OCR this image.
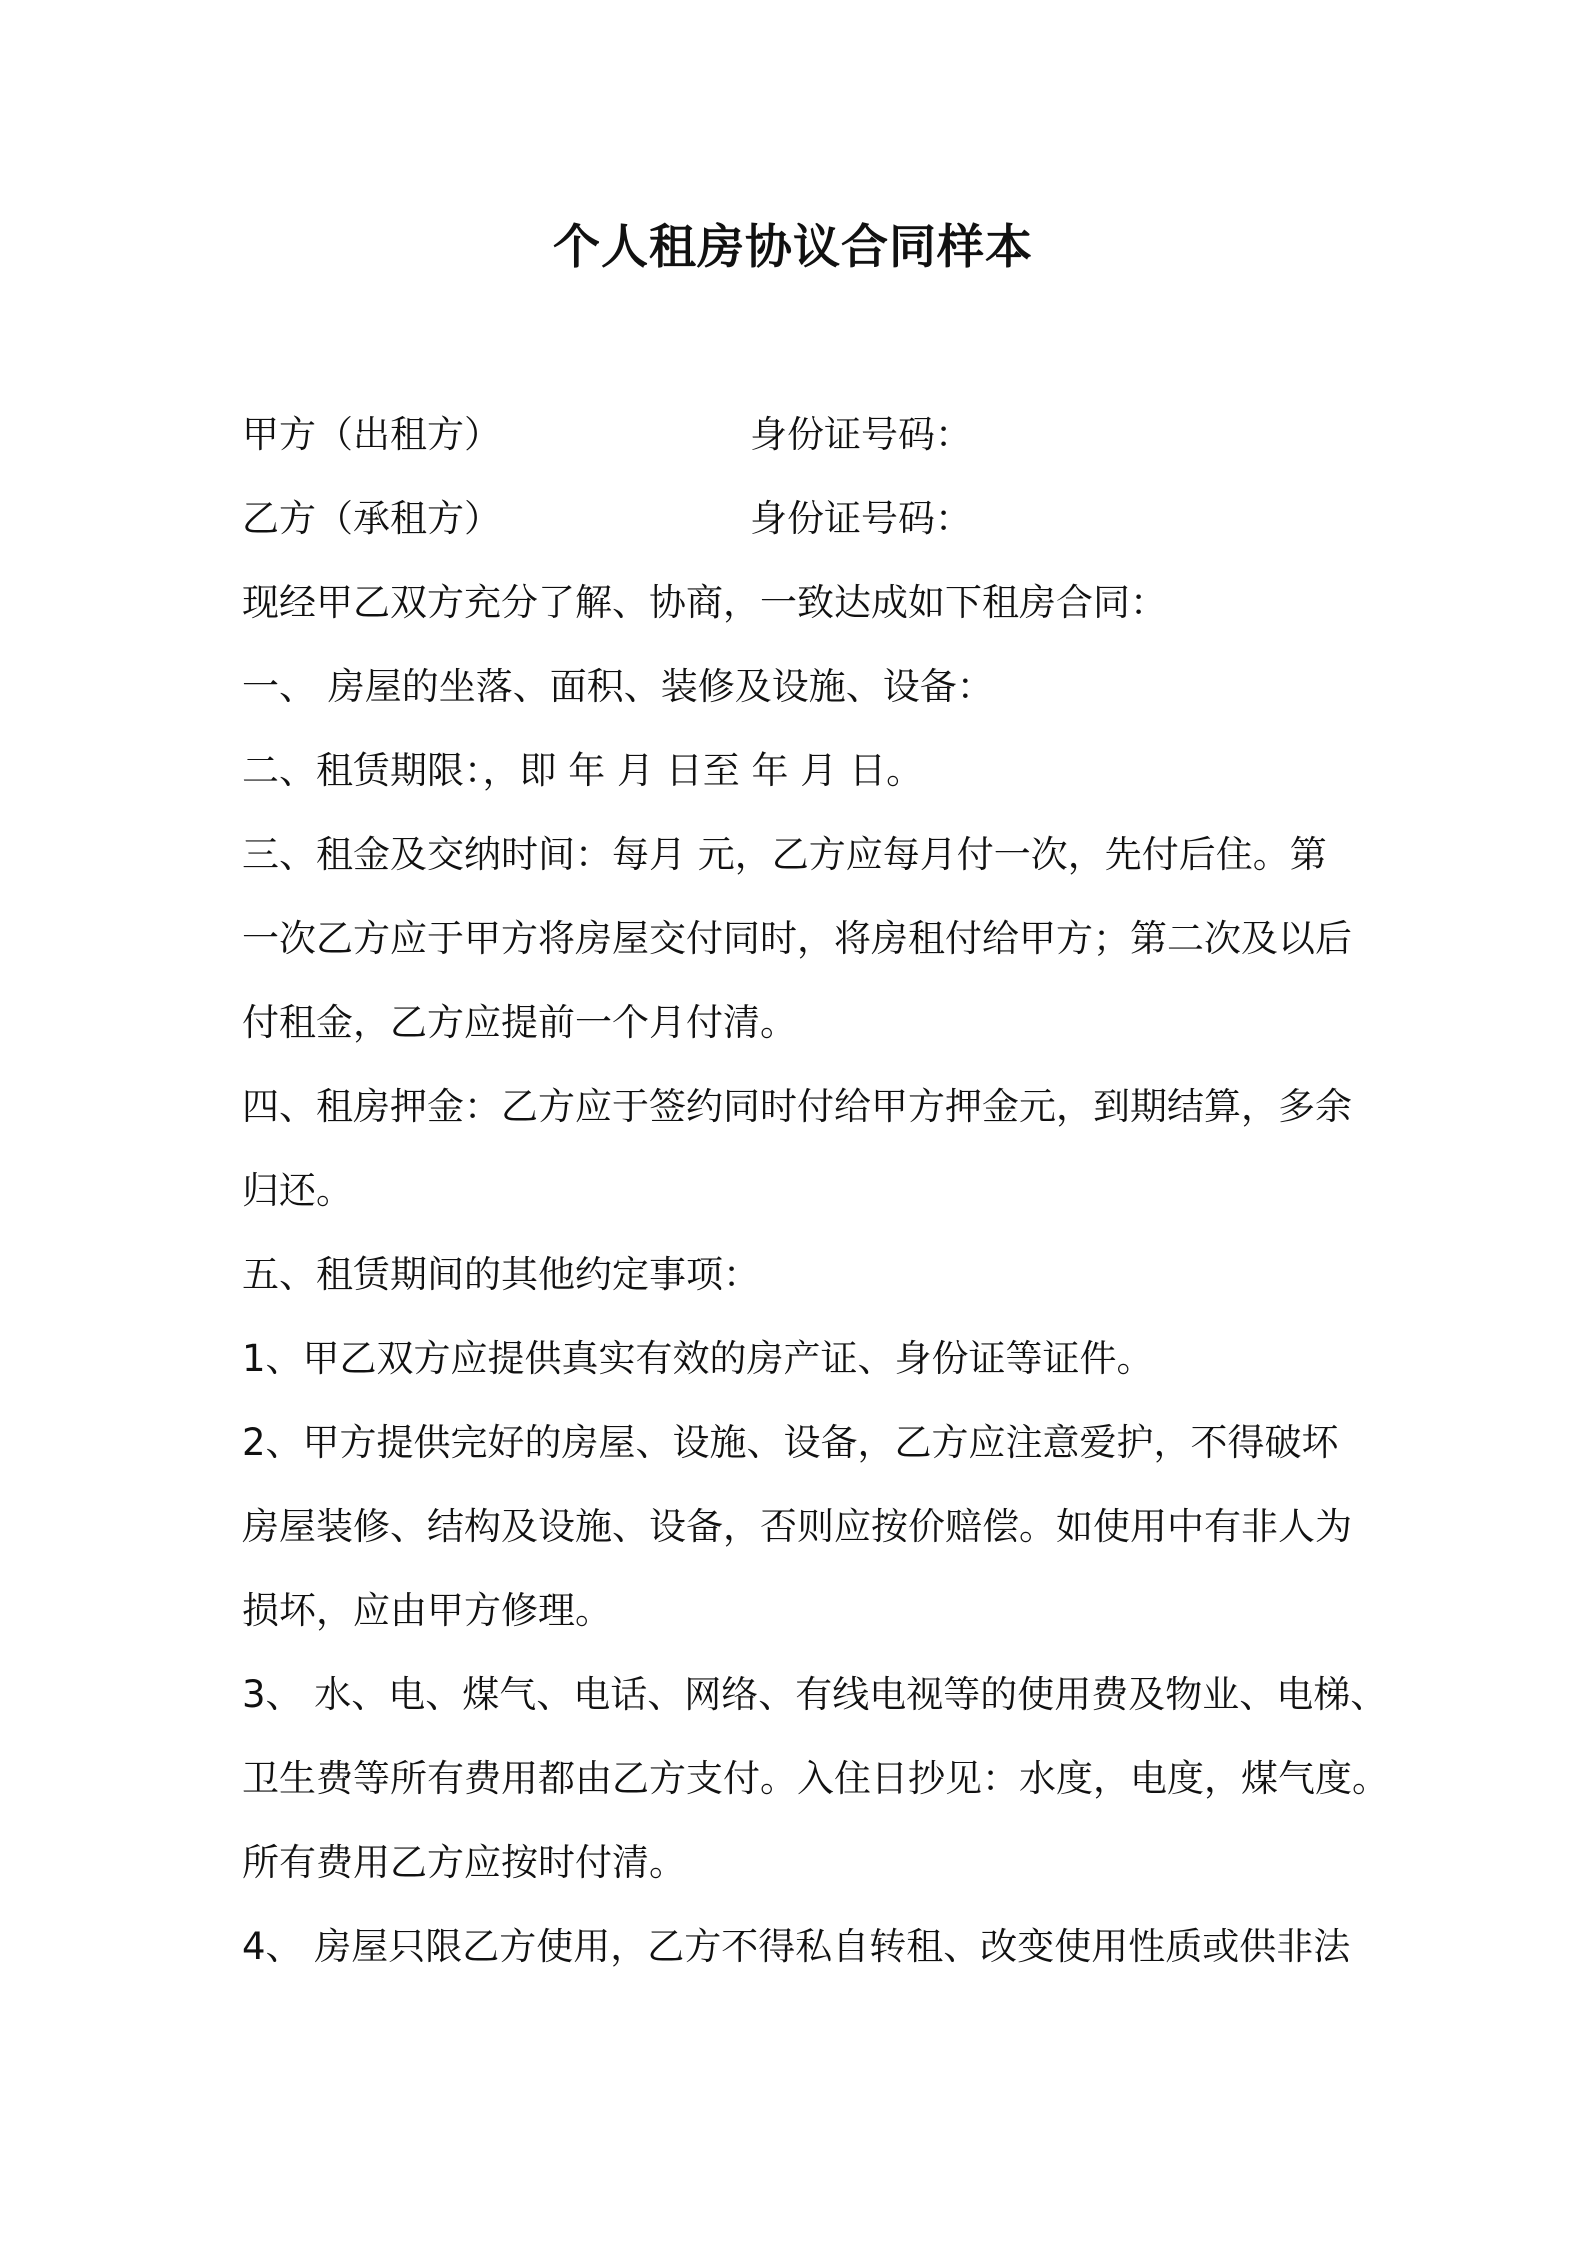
个人租房协议合同样本
甲方（出租方）	身份证号码：
乙方（承租方）	身份证号码：
现经甲乙双方充分了解、协商，一致达成如下租房合同：
一、 房屋的坐落、面积、装修及设施、设备：
二、租赁期限：，即 年 月 日至 年 月 日。
三、租金及交纳时间：每月 元，乙方应每月付一次，先付后住。第
一次乙方应于甲方将房屋交付同时，将房租付给甲方；第二次及以后
付租金，乙方应提前一个月付清。
四、租房押金：乙方应于签约同时付给甲方押金元，到期结算，多余
归还。
五、租赁期间的其他约定事项：
1、甲乙双方应提供真实有效的房产证、身份证等证件。
2、甲方提供完好的房屋、设施、设备，乙方应注意爱护，不得破坏
房屋装修、结构及设施、设备，否则应按价赔偿。如使用中有非人为
损坏，应由甲方修理。
3、 水、电、煤气、电话、网络、有线电视等的使用费及物业、电梯、
卫生费等所有费用都由乙方支付。入住日抄见：水度，电度，煤气度。
所有费用乙方应按时付清。
4、 房屋只限乙方使用，乙方不得私自转租、改变使用性质或供非法
